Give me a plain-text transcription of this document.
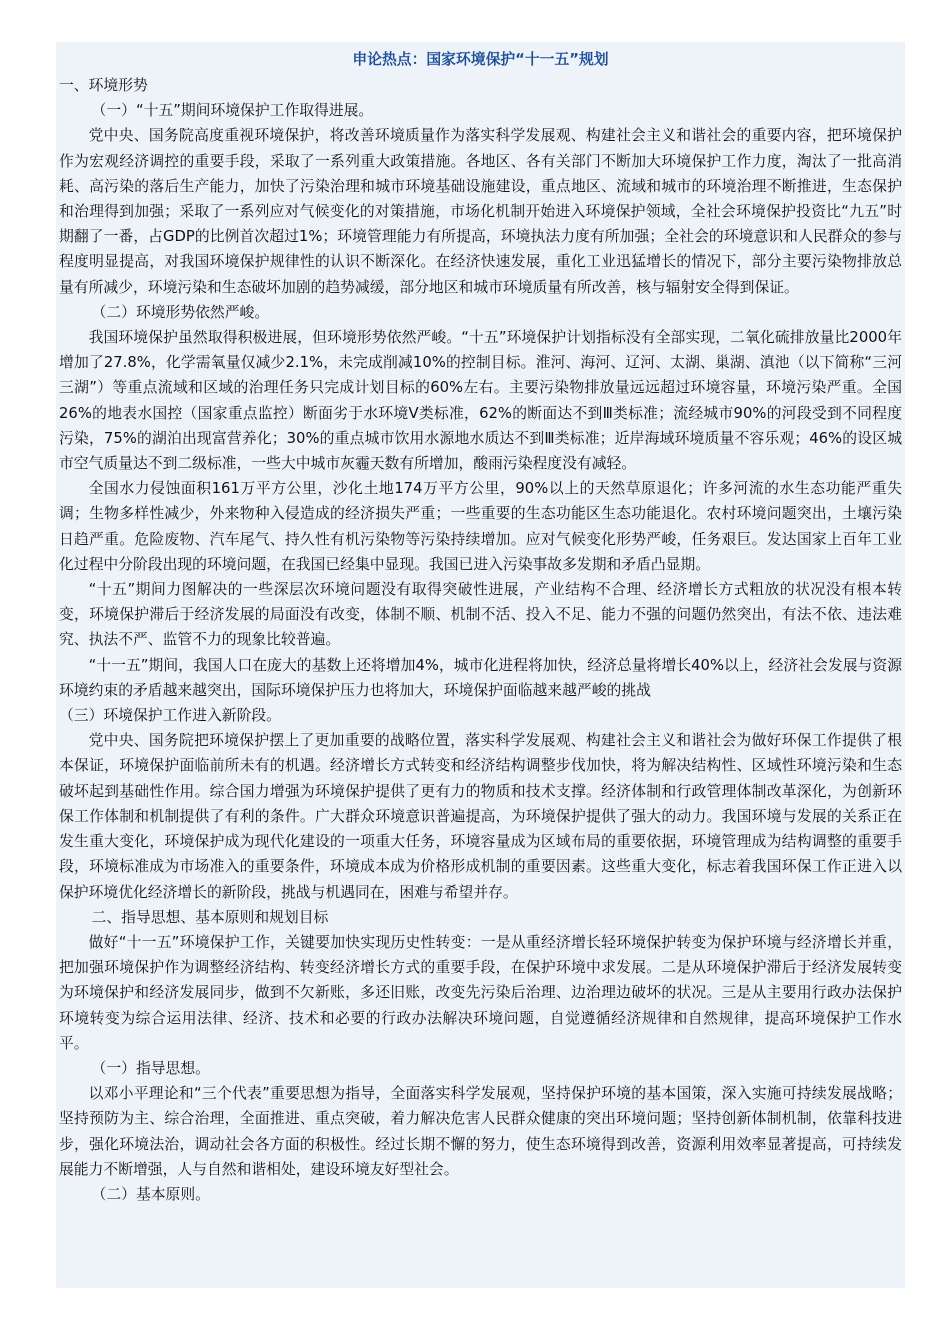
申论热点：国家环境保护“十一五”规划

一、环境形势

（一）“十五”期间环境保护工作取得进展。

党中央、国务院高度重视环境保护，将改善环境质量作为落实科学发展观、构建社会主义和谐社会的重要内容，把环境保护作为宏观经济调控的重要手段，采取了一系列重大政策措施。各地区、各有关部门不断加大环境保护工作力度，淘汰了一批高消耗、高污染的落后生产能力，加快了污染治理和城市环境基础设施建设，重点地区、流域和城市的环境治理不断推进，生态保护和治理得到加强；采取了一系列应对气候变化的对策措施，市场化机制开始进入环境保护领域，全社会环境保护投资比“九五”时期翻了一番，占GDP的比例首次超过1%；环境管理能力有所提高，环境执法力度有所加强；全社会的环境意识和人民群众的参与程度明显提高，对我国环境保护规律性的认识不断深化。在经济快速发展，重化工业迅猛增长的情况下，部分主要污染物排放总量有所减少，环境污染和生态破坏加剧的趋势减缓，部分地区和城市环境质量有所改善，核与辐射安全得到保证。

（二）环境形势依然严峻。

我国环境保护虽然取得积极进展，但环境形势依然严峻。“十五”环境保护计划指标没有全部实现，二氧化硫排放量比2000年增加了27.8%，化学需氧量仅减少2.1%，未完成削减10%的控制目标。淮河、海河、辽河、太湖、巢湖、滇池（以下简称“三河三湖”）等重点流域和区域的治理任务只完成计划目标的60%左右。主要污染物排放量远远超过环境容量，环境污染严重。全国26%的地表水国控（国家重点监控）断面劣于水环境Ⅴ类标准，62%的断面达不到Ⅲ类标准；流经城市90%的河段受到不同程度污染，75%的湖泊出现富营养化；30%的重点城市饮用水源地水质达不到Ⅲ类标准；近岸海域环境质量不容乐观；46%的设区城市空气质量达不到二级标准，一些大中城市灰霾天数有所增加，酸雨污染程度没有减轻。

全国水力侵蚀面积161万平方公里，沙化土地174万平方公里，90%以上的天然草原退化；许多河流的水生态功能严重失调；生物多样性减少，外来物种入侵造成的经济损失严重；一些重要的生态功能区生态功能退化。农村环境问题突出，土壤污染日趋严重。危险废物、汽车尾气、持久性有机污染物等污染持续增加。应对气候变化形势严峻，任务艰巨。发达国家上百年工业化过程中分阶段出现的环境问题，在我国已经集中显现。我国已进入污染事故多发期和矛盾凸显期。

“十五”期间力图解决的一些深层次环境问题没有取得突破性进展，产业结构不合理、经济增长方式粗放的状况没有根本转变，环境保护滞后于经济发展的局面没有改变，体制不顺、机制不活、投入不足、能力不强的问题仍然突出，有法不依、违法难究、执法不严、监管不力的现象比较普遍。

“十一五”期间，我国人口在庞大的基数上还将增加4%，城市化进程将加快，经济总量将增长40%以上，经济社会发展与资源环境约束的矛盾越来越突出，国际环境保护压力也将加大，环境保护面临越来越严峻的挑战

（三）环境保护工作进入新阶段。

党中央、国务院把环境保护摆上了更加重要的战略位置，落实科学发展观、构建社会主义和谐社会为做好环保工作提供了根本保证，环境保护面临前所未有的机遇。经济增长方式转变和经济结构调整步伐加快，将为解决结构性、区域性环境污染和生态破坏起到基础性作用。综合国力增强为环境保护提供了更有力的物质和技术支撑。经济体制和行政管理体制改革深化，为创新环保工作体制和机制提供了有利的条件。广大群众环境意识普遍提高，为环境保护提供了强大的动力。我国环境与发展的关系正在发生重大变化，环境保护成为现代化建设的一项重大任务，环境容量成为区域布局的重要依据，环境管理成为结构调整的重要手段，环境标准成为市场准入的重要条件，环境成本成为价格形成机制的重要因素。这些重大变化，标志着我国环保工作正进入以保护环境优化经济增长的新阶段，挑战与机遇同在，困难与希望并存。

二、指导思想、基本原则和规划目标

做好“十一五”环境保护工作，关键要加快实现历史性转变：一是从重经济增长轻环境保护转变为保护环境与经济增长并重，把加强环境保护作为调整经济结构、转变经济增长方式的重要手段，在保护环境中求发展。二是从环境保护滞后于经济发展转变为环境保护和经济发展同步，做到不欠新账，多还旧账，改变先污染后治理、边治理边破坏的状况。三是从主要用行政办法保护环境转变为综合运用法律、经济、技术和必要的行政办法解决环境问题，自觉遵循经济规律和自然规律，提高环境保护工作水平。

（一）指导思想。

以邓小平理论和“三个代表”重要思想为指导，全面落实科学发展观，坚持保护环境的基本国策，深入实施可持续发展战略；坚持预防为主、综合治理，全面推进、重点突破，着力解决危害人民群众健康的突出环境问题；坚持创新体制机制，依靠科技进步，强化环境法治，调动社会各方面的积极性。经过长期不懈的努力，使生态环境得到改善，资源利用效率显著提高，可持续发展能力不断增强，人与自然和谐相处，建设环境友好型社会。

（二）基本原则。
